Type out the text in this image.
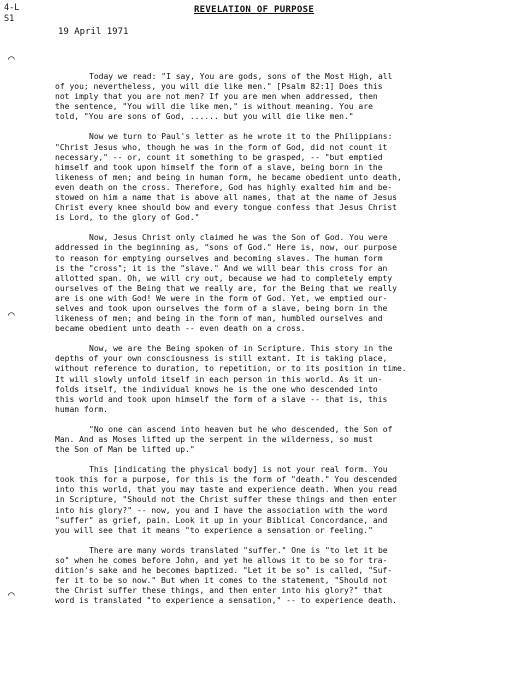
4-L
S1
⌒
⌒
⌒
REVELATION OF PURPOSE
19 April 1971
Today we read: "I say, You are gods, sons of the Most High, all
of you; nevertheless, you will die like men." [Psalm 82:1] Does this
not imply that you are not men? If you are men when addressed, then
the sentence, "You will die like men," is without meaning. You are
told, "You are sons of God, ...... but you will die like men."
Now we turn to Paul's letter as he wrote it to the Philippians:
"Christ Jesus who, though he was in the form of God, did not count it
necessary," -- or, count it something to be grasped, -- "but emptied
himself and took upon himself the form of a slave, being born in the
likeness of men; and being in human form, he became obedient unto death,
even death on the cross. Therefore, God has highly exalted him and be-
stowed on him a name that is above all names, that at the name of Jesus
Christ every knee should bow and every tongue confess that Jesus Christ
is Lord, to the glory of God."
Now, Jesus Christ only claimed he was the Son of God. You were
addressed in the beginning as, "sons of God." Here is, now, our purpose
to reason for emptying ourselves and becoming slaves. The human form
is the "cross"; it is the "slave." And we will bear this cross for an
allotted span. Oh, we will cry out, because we had to completely empty
ourselves of the Being that we really are, for the Being that we really
are is one with God! We were in the form of God. Yet, we emptied our-
selves and took upon ourselves the form of a slave, being born in the
likeness of men; and being in the form of man, humbled ourselves and
became obedient unto death -- even death on a cross.
Now, we are the Being spoken of in Scripture. This story in the
depths of your own consciousness is still extant. It is taking place,
without reference to duration, to repetition, or to its position in time.
It will slowly unfold itself in each person in this world. As it un-
folds itself, the individual knows he is the one who descended into
this world and took upon himself the form of a slave -- that is, this
human form.
"No one can ascend into heaven but he who descended, the Son of
Man. And as Moses lifted up the serpent in the wilderness, so must
the Son of Man be lifted up."
This [indicating the physical body] is not your real form. You
took this for a purpose, for this is the form of "death." You descended
into this world, that you may taste and experience death. When you read
in Scripture, "Should not the Christ suffer these things and then enter
into his glory?" -- now, you and I have the association with the word
"suffer" as grief, pain. Look it up in your Biblical Concordance, and
you will see that it means "to experience a sensation or feeling."
There are many words translated "suffer." One is "to let it be
so" when he comes before John, and yet he allows it to be so for tra-
dition's sake and he becomes baptized. "Let it be so" is called, "Suf-
fer it to be so now." But when it comes to the statement, "Should not
the Christ suffer these things, and then enter into his glory?" that
word is translated "to experience a sensation," -- to experience death.
